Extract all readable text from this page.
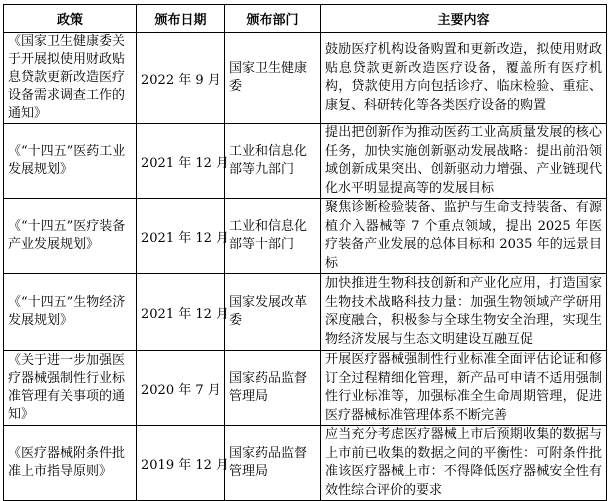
政策	颁布日期	颁布部门	主要内容
《国家卫生健康委关于开展拟使用财政贴息贷款更新改造医疗设备需求调查工作的通知》	2022 年 9 月	国家卫生健康委	鼓励医疗机构设备购置和更新改造，拟使用财政贴息贷款更新改造医疗设备，覆盖所有医疗机构，贷款使用方向包括诊疗、临床检验、重症、康复、科研转化等各类医疗设备的购置
《“十四五”医药工业发展规划》	2021 年 12 月	工业和信息化部等九部门	提出把创新作为推动医药工业高质量发展的核心任务，加快实施创新驱动发展战略：提出前沿领域创新成果突出、创新驱动力增强、产业链现代化水平明显提高等的发展目标
《“十四五”医疗装备产业发展规划》	2021 年 12 月	工业和信息化部等十部门	聚焦诊断检验装备、监护与生命支持装备、有源植介入器械等 7 个重点领域，提出 2025 年医疗装备产业发展的总体目标和 2035 年的远景目标
《“十四五”生物经济发展规划》	2021 年 12 月	国家发展改革委	加快推进生物科技创新和产业化应用，打造国家生物技术战略科技力量：加强生物领域产学研用深度融合，积极参与全球生物安全治理，实现生物经济发展与生态文明建设互融互促
《关于进一步加强医疗器械强制性行业标准管理有关事项的通知》	2020 年 7 月	国家药品监督管理局	开展医疗器械强制性行业标准全面评估论证和修订全过程精细化管理，新产品可申请不适用强制性行业标准等，加强标准全生命周期管理，促进医疗器械标准管理体系不断完善
《医疗器械附条件批准上市指导原则》	2019 年 12 月	国家药品监督管理局	应当充分考虑医疗器械上市后预期收集的数据与上市前已收集的数据之间的平衡性：可附条件批准该医疗器械上市：不得降低医疗器械安全性有效性综合评价的要求
